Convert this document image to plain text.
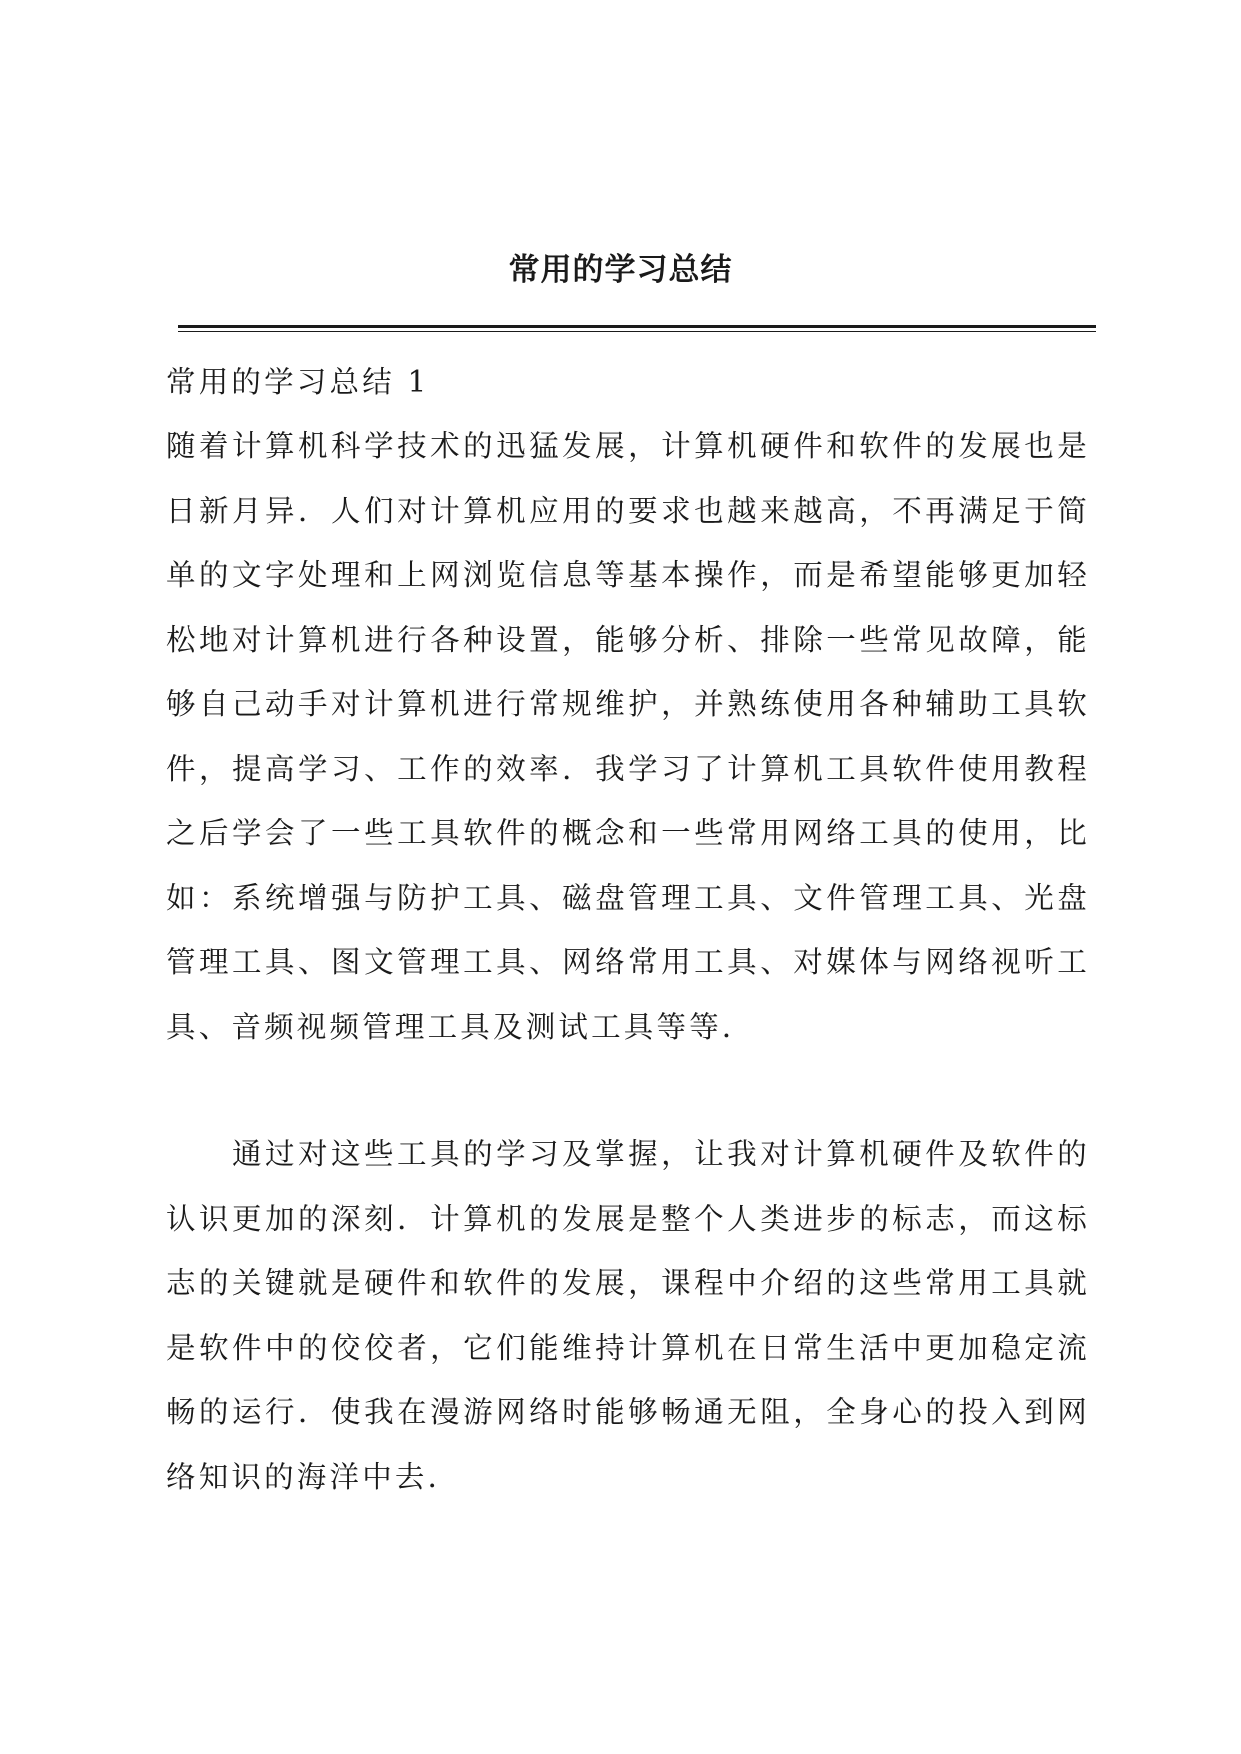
常用的学习总结

常用的学习总结 1

随着计算机科学技术的迅猛发展，计算机硬件和软件的发展也是日新月异．人们对计算机应用的要求也越来越高，不再满足于简单的文字处理和上网浏览信息等基本操作，而是希望能够更加轻松地对计算机进行各种设置，能够分析、排除一些常见故障，能够自己动手对计算机进行常规维护，并熟练使用各种辅助工具软件，提高学习、工作的效率．我学习了计算机工具软件使用教程之后学会了一些工具软件的概念和一些常用网络工具的使用，比如：系统增强与防护工具、磁盘管理工具、文件管理工具、光盘管理工具、图文管理工具、网络常用工具、对媒体与网络视听工具、音频视频管理工具及测试工具等等．

通过对这些工具的学习及掌握，让我对计算机硬件及软件的认识更加的深刻．计算机的发展是整个人类进步的标志，而这标志的关键就是硬件和软件的发展，课程中介绍的这些常用工具就是软件中的佼佼者，它们能维持计算机在日常生活中更加稳定流畅的运行．使我在漫游网络时能够畅通无阻，全身心的投入到网络知识的海洋中去．
